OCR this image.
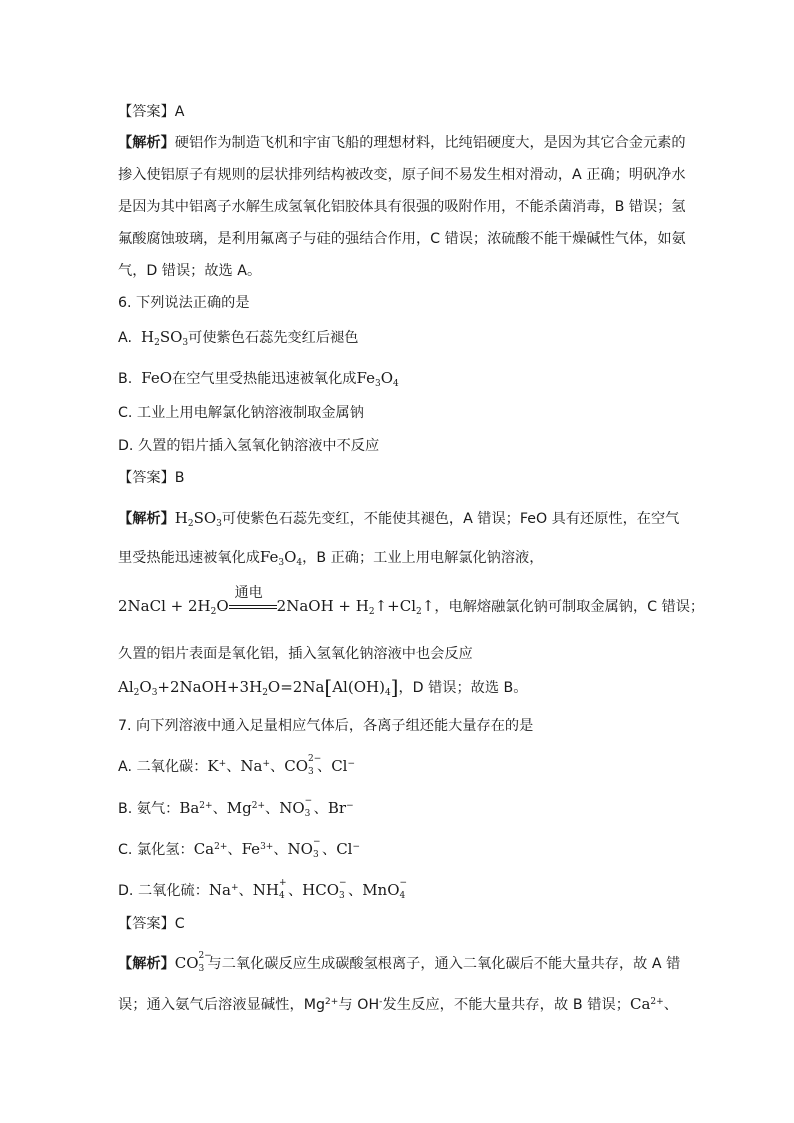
【答案】A
【解析】硬铝作为制造飞机和宇宙飞船的理想材料，比纯铝硬度大，是因为其它合金元素的
掺入使铝原子有规则的层状排列结构被改变，原子间不易发生相对滑动，A 正确；明矾净水
是因为其中铝离子水解生成氢氧化铝胶体具有很强的吸附作用，不能杀菌消毒，B 错误；氢
氟酸腐蚀玻璃，是利用氟离子与硅的强结合作用，C 错误；浓硫酸不能干燥碱性气体，如氨
气，D 错误；故选 A。
6. 下列说法正确的是
A. $H_2SO_3$可使紫色石蕊先变红后褪色
B. FeO在空气里受热能迅速被氧化成$Fe_3O_4$
C. 工业上用电解氯化钠溶液制取金属钠
D. 久置的铝片插入氢氧化钠溶液中不反应
【答案】B
【解析】$H_2SO_3$可使紫色石蕊先变红，不能使其褪色，A 错误；FeO 具有还原性，在空气
里受热能迅速被氧化成$Fe_3O_4$，B 正确；工业上用电解氯化钠溶液，
2NaCl + $2H_2O$
通电
2NaOH + $H_2↑+Cl_2↑$，电解熔融氯化钠可制取金属钠，C 错误；
久置的铝片表面是氧化铝，插入氢氧化钠溶液中也会反应
$Al_2O_3+2NaOH+3H_2O=2Na[Al(OH)_4]$，D 错误；故选 B。
7. 向下列溶液中通入足量相应气体后，各离子组还能大量存在的是
A. 二氧化碳：K+、Na+、CO 2−
3 、Cl−
B. 氨气：$Ba^{2+}$、$Mg^{2+}$、NO −
3 、Br−
C. 氯化氢：$Ca^{2+}$、$Fe^{3+}$、NO −
3 、Cl−
D. 二氧化硫：Na+、NH +
4 、HCO −
3 、MnO −
4
【答案】C
【解析】CO 2−
3 与二氧化碳反应生成碳酸氢根离子，通入二氧化碳后不能大量共存，故 A 错
误；通入氨气后溶液显碱性，$Mg^{2+}$与 OH-发生反应，不能大量共存，故 B 错误；$Ca^{2+}$、
